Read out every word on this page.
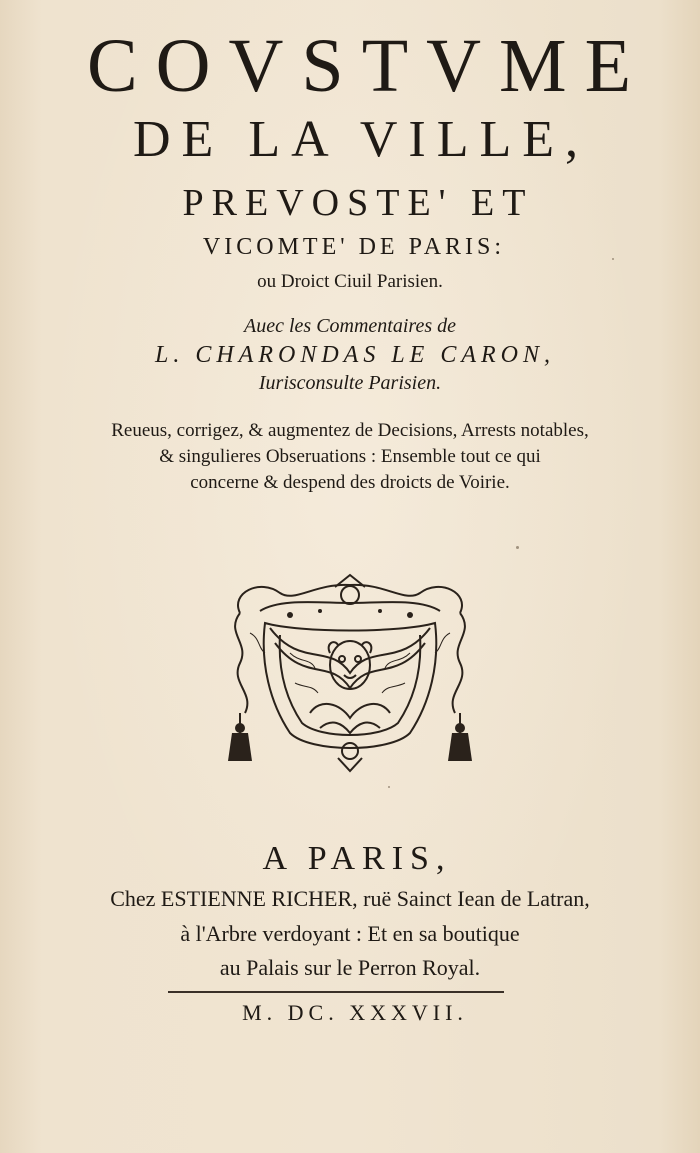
COVSTVME
DE LA VILLE,
PREVOSTE' ET
VICOMTE' DE PARIS:
ou Droict Ciuil Parisien.
Auec les Commentaires de
L. CHARONDAS LE CARON,
Iurisconsulte Parisien.
Reueus, corrigez, & augmentez de Decisions, Arrests notables,
& singulieres Obseruations : Ensemble tout ce qui
concerne & despend des droicts de Voirie.
A PARIS,
Chez ESTIENNE RICHER, ruë Sainct Iean de Latran,
à l'Arbre verdoyant : Et en sa boutique
au Palais sur le Perron Royal.
M. DC. XXXVII.
